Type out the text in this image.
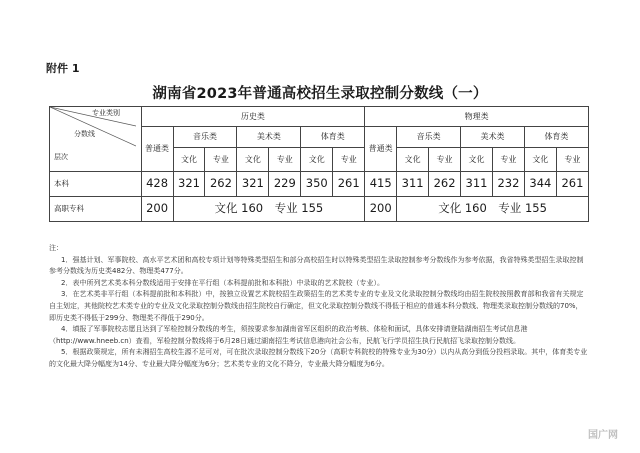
附件 1
湖南省2023年普通高校招生录取控制分数线（一）
专业类别
分数线
层次	历史类							物理类						
	普通类	音乐类		美术类		体育类		普通类	音乐类		美术类		体育类	
		文化	专业	文化	专业	文化	专业		文化	专业	文化	专业	文化	专业
本科	428	321	262	321	229	350	261	415	311	262	311	232	344	261
高职专科	200	文化 160　专业 155						200	文化 160　专业 155					

注：

1．强基计划、军事院校、高水平艺术团和高校专项计划等特殊类型招生和部分高校招生时以特殊类型招生录取控制参考分数线作为参考依据，我省特殊类型招生录取控制参考分数线为历史类482分、物理类477分。

2．表中所列艺术类本科分数线适用于安排在平行组（本科提前批和本科批）中录取的艺术院校（专业）。

3．在艺术类非平行组（本科提前批和本科批）中，按独立设置艺术院校招生政策招生的艺术类专业的专业及文化录取控制分数线均由招生院校按照教育部和我省有关规定自主划定，其他院校艺术类专业的专业及文化录取控制分数线由招生院校自行确定，但文化录取控制分数线不得低于相应的普通本科分数线、物理类录取控制分数线的70%，即历史类不得低于299分、物理类不得低于290分。

4．填报了军事院校志愿且达到了军检控制分数线的考生，须按要求参加湖南省军区组织的政治考核、体检和面试，具体安排请登陆湖南招生考试信息港（http://www.hneeb.cn）查看，军检控制分数线将于6月28日通过湖南招生考试信息港向社会公布，民航飞行学员招生执行民航招飞录取控制分数线。

5．根据政策规定，所有未湘招生高校生源不足可对，可在批次录取控制分数线下20分（高职专科院校的特殊专业为30分）以内从高分到低分投档录取。其中，体育类专业的文化最大降分幅度为14分、专业最大降分幅度为6分；艺术类专业的文化不降分，专业最大降分幅度为6分。

国广网
